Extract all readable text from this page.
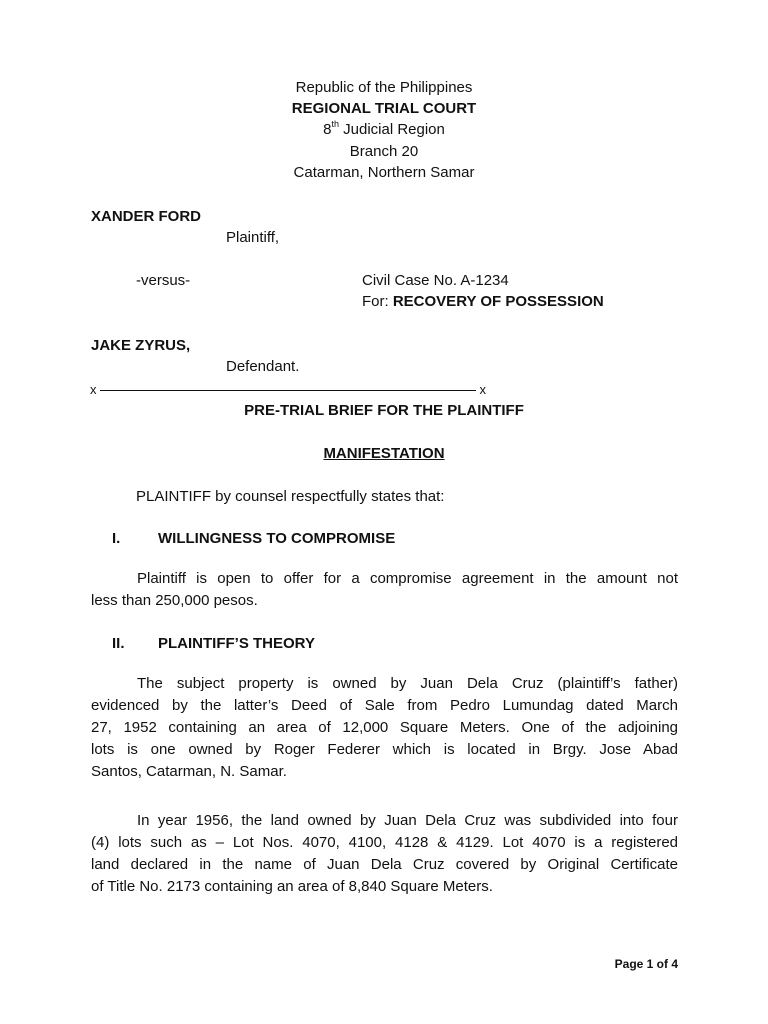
Republic of the Philippines
REGIONAL TRIAL COURT
8th Judicial Region
Branch 20
Catarman, Northern Samar
XANDER FORD
Plaintiff,
-versus-	Civil Case No. A-1234
For: RECOVERY OF POSSESSION
JAKE ZYRUS,
Defendant.
x	x
PRE-TRIAL BRIEF FOR THE PLAINTIFF
MANIFESTATION
PLAINTIFF by counsel respectfully states that:
I.	WILLINGNESS TO COMPROMISE
Plaintiff is open to offer for a compromise agreement in the amount not
less than 250,000 pesos.
II. PLAINTIFF’S THEORY
The subject property is owned by Juan Dela Cruz (plaintiff’s father)
evidenced by the latter’s Deed of Sale from Pedro Lumundag dated March
27, 1952 containing an area of 12,000 Square Meters. One of the adjoining
lots is one owned by Roger Federer which is located in Brgy. Jose Abad
Santos, Catarman, N. Samar.
In year 1956, the land owned by Juan Dela Cruz was subdivided into four
(4) lots such as – Lot Nos. 4070, 4100, 4128 & 4129. Lot 4070 is a registered
land declared in the name of Juan Dela Cruz covered by Original Certificate
of Title No. 2173 containing an area of 8,840 Square Meters.
Page 1 of 4
